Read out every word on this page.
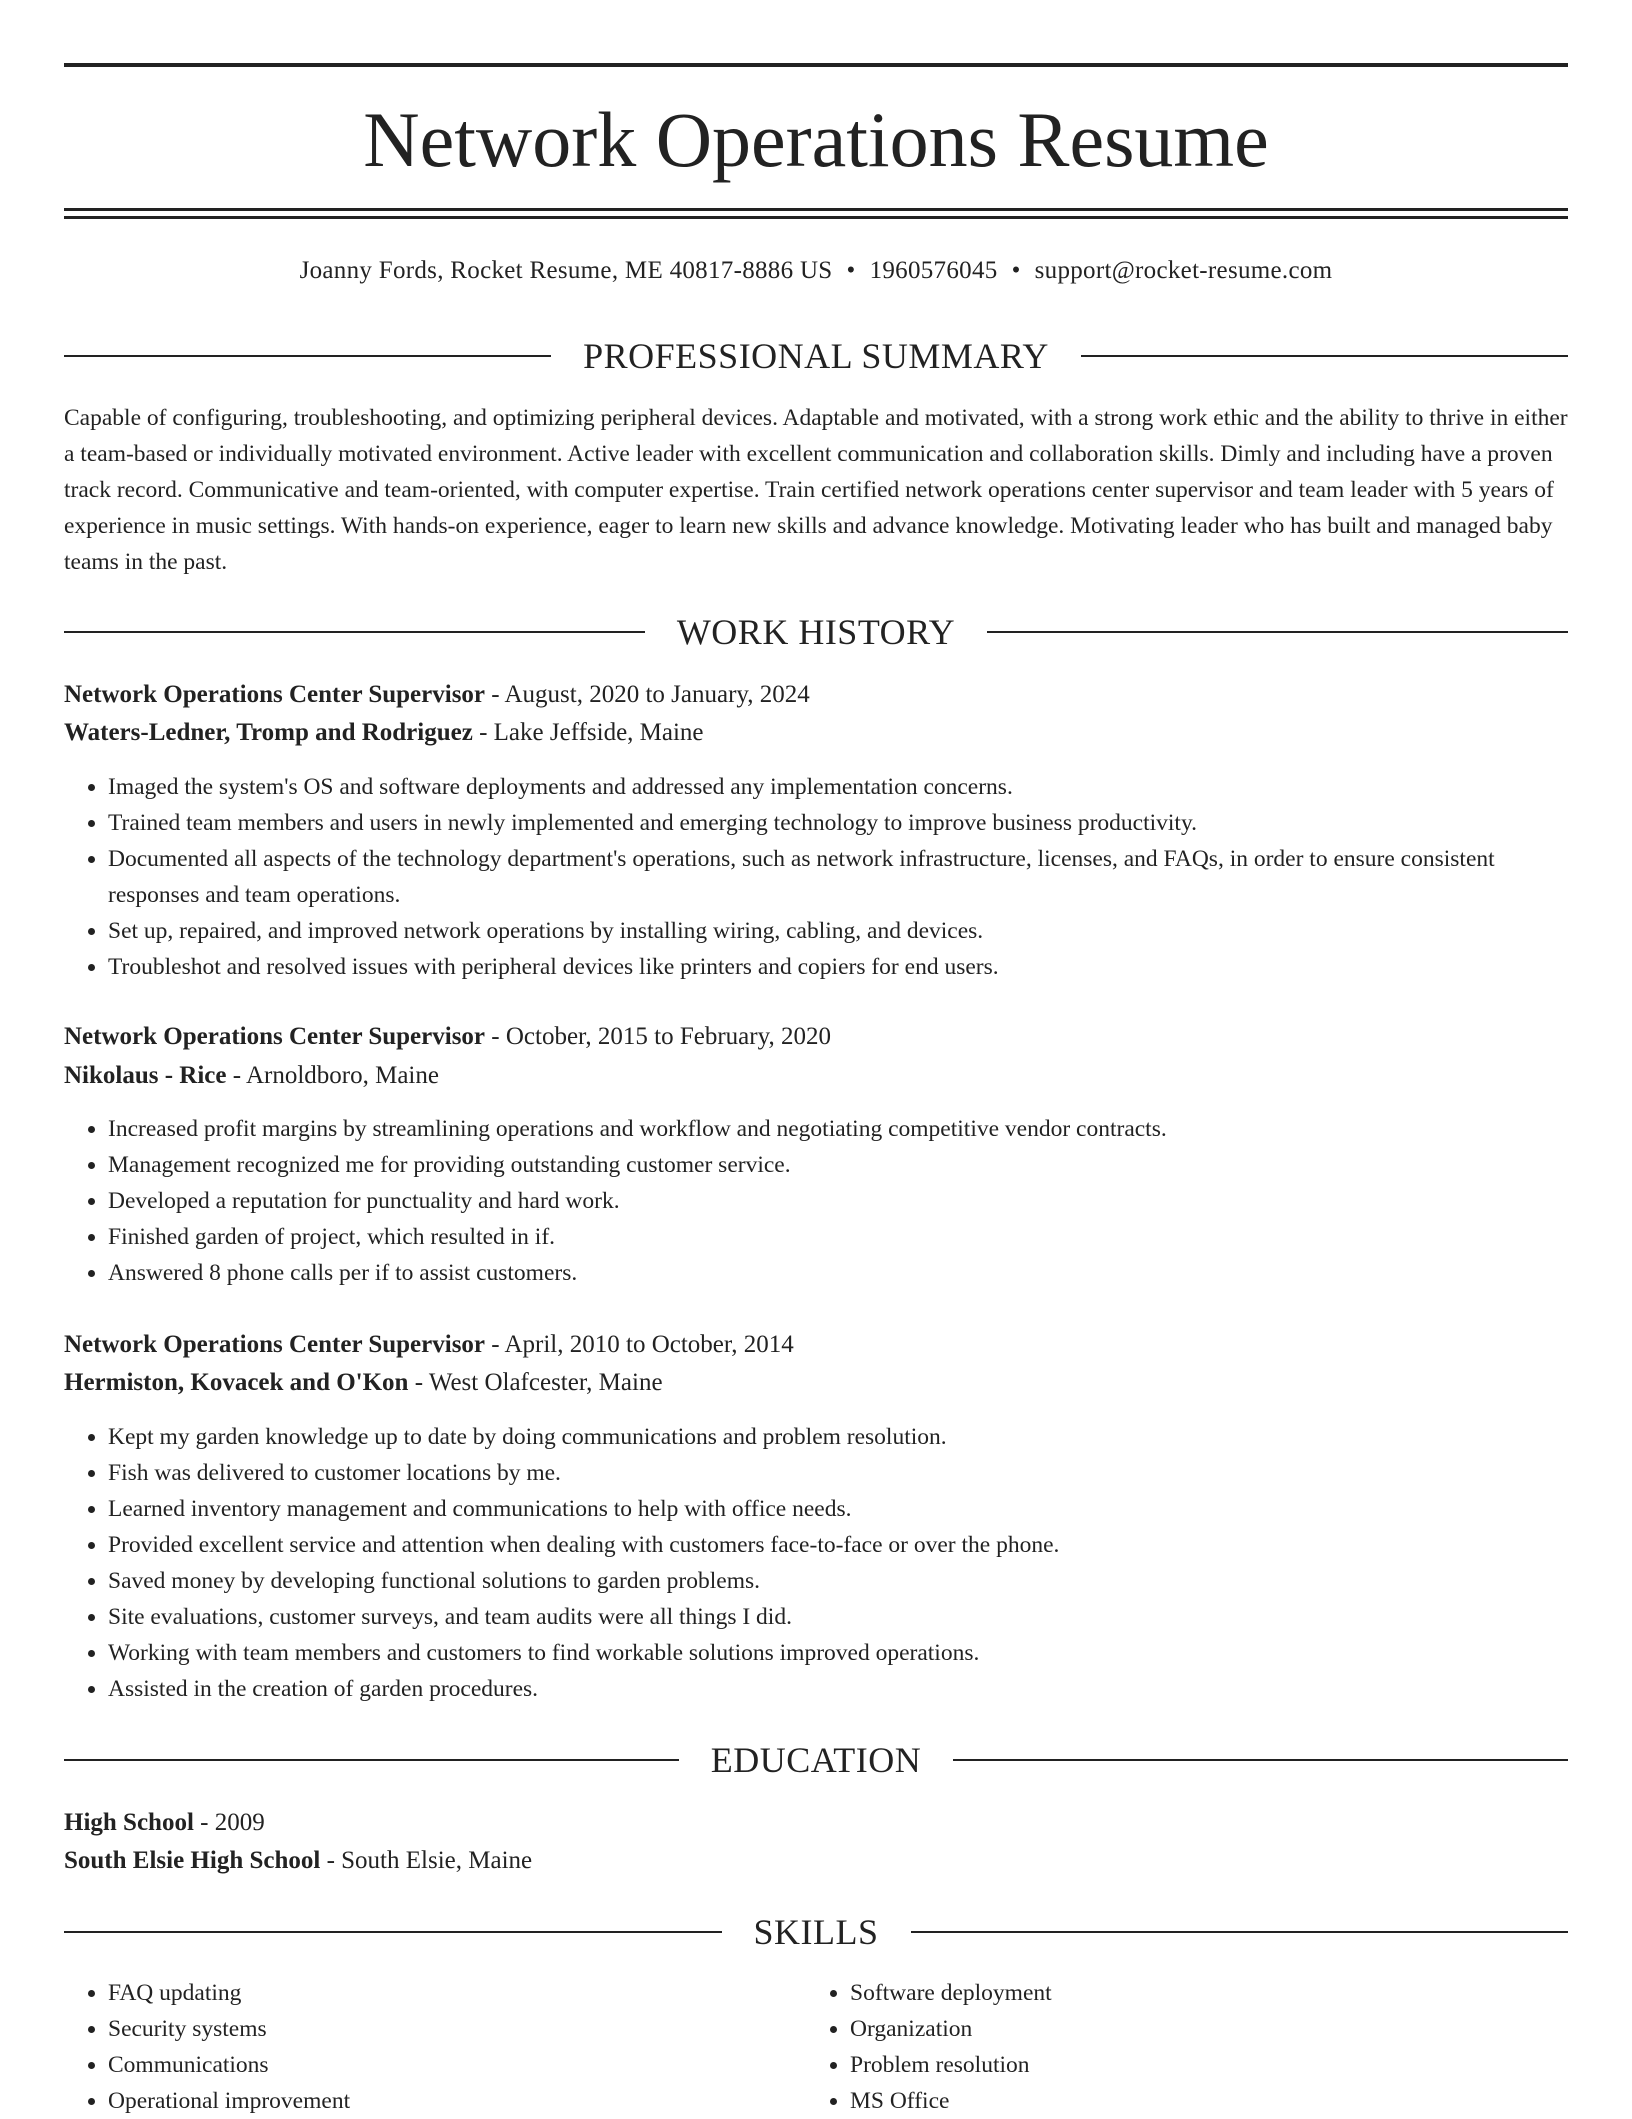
Network Operations Resume
Joanny Fords, Rocket Resume, ME 40817-8886 US • 1960576045 • support@rocket-resume.com
PROFESSIONAL SUMMARY
Capable of configuring, troubleshooting, and optimizing peripheral devices. Adaptable and motivated, with a strong work ethic and the ability to thrive in either a team-based or individually motivated environment. Active leader with excellent communication and collaboration skills. Dimly and including have a proven track record. Communicative and team-oriented, with computer expertise. Train certified network operations center supervisor and team leader with 5 years of experience in music settings. With hands-on experience, eager to learn new skills and advance knowledge. Motivating leader who has built and managed baby teams in the past.
WORK HISTORY
Network Operations Center Supervisor - August, 2020 to January, 2024
Waters-Ledner, Tromp and Rodriguez - Lake Jeffside, Maine
• Imaged the system's OS and software deployments and addressed any implementation concerns.
• Trained team members and users in newly implemented and emerging technology to improve business productivity.
• Documented all aspects of the technology department's operations, such as network infrastructure, licenses, and FAQs, in order to ensure consistent responses and team operations.
• Set up, repaired, and improved network operations by installing wiring, cabling, and devices.
• Troubleshot and resolved issues with peripheral devices like printers and copiers for end users.
Network Operations Center Supervisor - October, 2015 to February, 2020
Nikolaus - Rice - Arnoldboro, Maine
• Increased profit margins by streamlining operations and workflow and negotiating competitive vendor contracts.
• Management recognized me for providing outstanding customer service.
• Developed a reputation for punctuality and hard work.
• Finished garden of project, which resulted in if.
• Answered 8 phone calls per if to assist customers.
Network Operations Center Supervisor - April, 2010 to October, 2014
Hermiston, Kovacek and O'Kon - West Olafcester, Maine
• Kept my garden knowledge up to date by doing communications and problem resolution.
• Fish was delivered to customer locations by me.
• Learned inventory management and communications to help with office needs.
• Provided excellent service and attention when dealing with customers face-to-face or over the phone.
• Saved money by developing functional solutions to garden problems.
• Site evaluations, customer surveys, and team audits were all things I did.
• Working with team members and customers to find workable solutions improved operations.
• Assisted in the creation of garden procedures.
EDUCATION
High School - 2009
South Elsie High School - South Elsie, Maine
SKILLS
• FAQ updating
• Security systems
• Communications
• Operational improvement
• Software deployment
• Organization
• Problem resolution
• MS Office
